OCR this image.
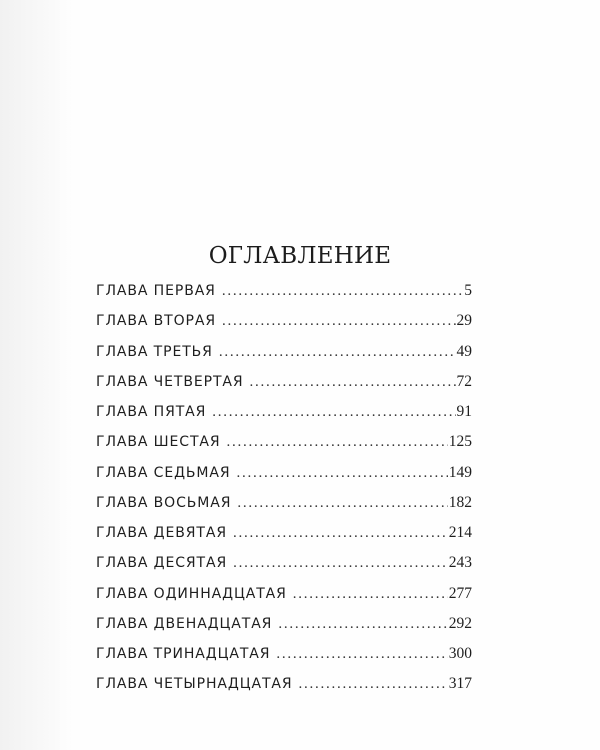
ОГЛАВЛЕНИЕ
ГЛАВА ПЕРВАЯ . . .	5
ГЛАВА ВТОРАЯ . . .	29
ГЛАВА ТРЕТЬЯ . . .	49
ГЛАВА ЧЕТВЕРТАЯ . . .	72
ГЛАВА ПЯТАЯ . . .	91
ГЛАВА ШЕСТАЯ . . .	125
ГЛАВА СЕДЬМАЯ . . .	149
ГЛАВА ВОСЬМАЯ . . .	182
ГЛАВА ДЕВЯТАЯ . . .	214
ГЛАВА ДЕСЯТАЯ . . .	243
ГЛАВА ОДИННАДЦАТАЯ . . .	277
ГЛАВА ДВЕНАДЦАТАЯ . . .	292
ГЛАВА ТРИНАДЦАТАЯ . . .	300
ГЛАВА ЧЕТЫРНАДЦАТАЯ . . .	317
